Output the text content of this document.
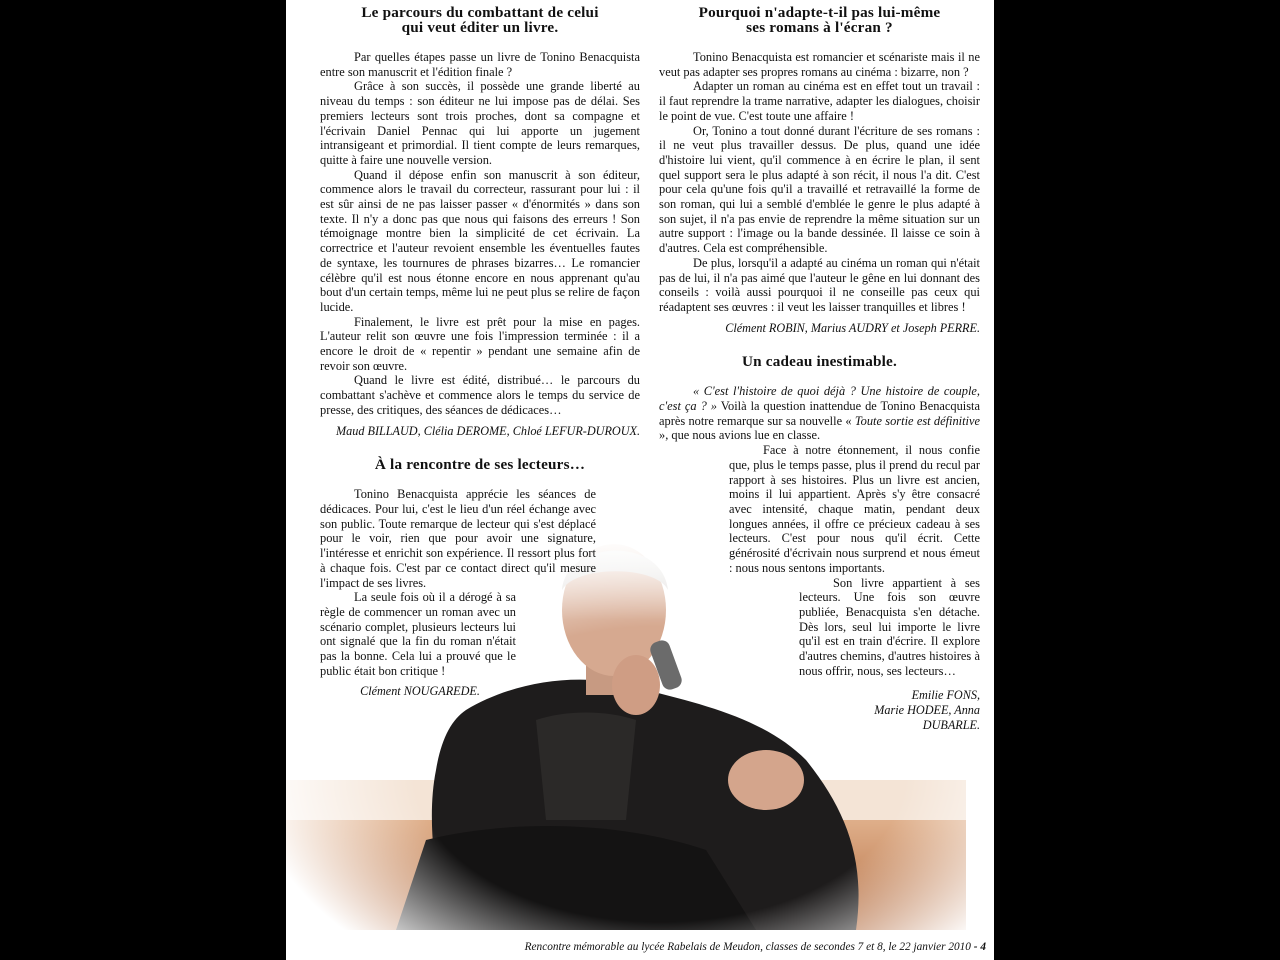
Le parcours du combattant de celui
qui veut éditer un livre.

Par quelles étapes passe un livre de Tonino Benacquista entre son manuscrit et l'édition finale ?

Grâce à son succès, il possède une grande liberté au niveau du temps : son éditeur ne lui impose pas de délai. Ses premiers lecteurs sont trois proches, dont sa compagne et l'écrivain Daniel Pennac qui lui apporte un jugement intransigeant et primordial. Il tient compte de leurs remarques, quitte à faire une nouvelle version.

Quand il dépose enfin son manuscrit à son éditeur, commence alors le travail du correcteur, rassurant pour lui : il est sûr ainsi de ne pas laisser passer « d'énormités » dans son texte. Il n'y a donc pas que nous qui faisons des erreurs ! Son témoignage montre bien la simplicité de cet écrivain. La correctrice et l'auteur revoient ensemble les éventuelles fautes de syntaxe, les tournures de phrases bizarres… Le romancier célèbre qu'il est nous étonne encore en nous apprenant qu'au bout d'un certain temps, même lui ne peut plus se relire de façon lucide.

Finalement, le livre est prêt pour la mise en pages. L'auteur relit son œuvre une fois l'impression terminée : il a encore le droit de « repentir » pendant une semaine afin de revoir son œuvre.

Quand le livre est édité, distribué… le parcours du combattant s'achève et commence alors le temps du service de presse, des critiques, des séances de dédicaces…

Maud BILLAUD, Clélia DEROME, Chloé LEFUR-DUROUX.

À la rencontre de ses lecteurs…

Tonino Benacquista apprécie les séances de dédicaces. Pour lui, c'est le lieu d'un réel échange avec son public. Toute remarque de lecteur qui s'est déplacé pour le voir, rien que pour avoir une signature, l'intéresse et enrichit son expérience. Il ressort plus fort à chaque fois. C'est par ce contact direct qu'il mesure l'impact de ses livres.

La seule fois où il a dérogé à sa règle de commencer un roman avec un scénario complet, plusieurs lecteurs lui ont signalé que la fin du roman n'était pas la bonne. Cela lui a prouvé que le public était bon critique !

Clément NOUGAREDE.

Pourquoi n'adapte-t-il pas lui-même
ses romans à l'écran ?

Tonino Benacquista est romancier et scénariste mais il ne veut pas adapter ses propres romans au cinéma : bizarre, non ?

Adapter un roman au cinéma est en effet tout un travail : il faut reprendre la trame narrative, adapter les dialogues, choisir le point de vue. C'est toute une affaire !

Or, Tonino a tout donné durant l'écriture de ses romans : il ne veut plus travailler dessus. De plus, quand une idée d'histoire lui vient, qu'il commence à en écrire le plan, il sent quel support sera le plus adapté à son récit, il nous l'a dit. C'est pour cela qu'une fois qu'il a travaillé et retravaillé la forme de son roman, qui lui a semblé d'emblée le genre le plus adapté à son sujet, il n'a pas envie de reprendre la même situation sur un autre support : l'image ou la bande dessinée. Il laisse ce soin à d'autres. Cela est compréhensible.

De plus, lorsqu'il a adapté au cinéma un roman qui n'était pas de lui, il n'a pas aimé que l'auteur le gêne en lui donnant des conseils : voilà aussi pourquoi il ne conseille pas ceux qui réadaptent ses œuvres : il veut les laisser tranquilles et libres !

Clément ROBIN, Marius AUDRY et Joseph PERRE.

Un cadeau inestimable.

« C'est l'histoire de quoi déjà ? Une histoire de couple, c'est ça ? » Voilà la question inattendue de Tonino Benacquista après notre remarque sur sa nouvelle « Toute sortie est définitive », que nous avions lue en classe.

Face à notre étonnement, il nous confie que, plus le temps passe, plus il prend du recul par rapport à ses histoires. Plus un livre est ancien, moins il lui appartient. Après s'y être consacré avec intensité, chaque matin, pendant deux longues années, il offre ce précieux cadeau à ses lecteurs. C'est pour nous qu'il écrit. Cette générosité d'écrivain nous surprend et nous émeut : nous nous sentons importants.

Son livre appartient à ses lecteurs. Une fois son œuvre publiée, Benacquista s'en détache. Dès lors, seul lui importe le livre qu'il est en train d'écrire. Il explore d'autres chemins, d'autres histoires à nous offrir, nous, ses lecteurs…

Emilie FONS,

Marie HODEE, Anna

DUBARLE.

Rencontre mémorable au lycée Rabelais de Meudon, classes de secondes 7 et 8, le 22 janvier 2010 - 4
